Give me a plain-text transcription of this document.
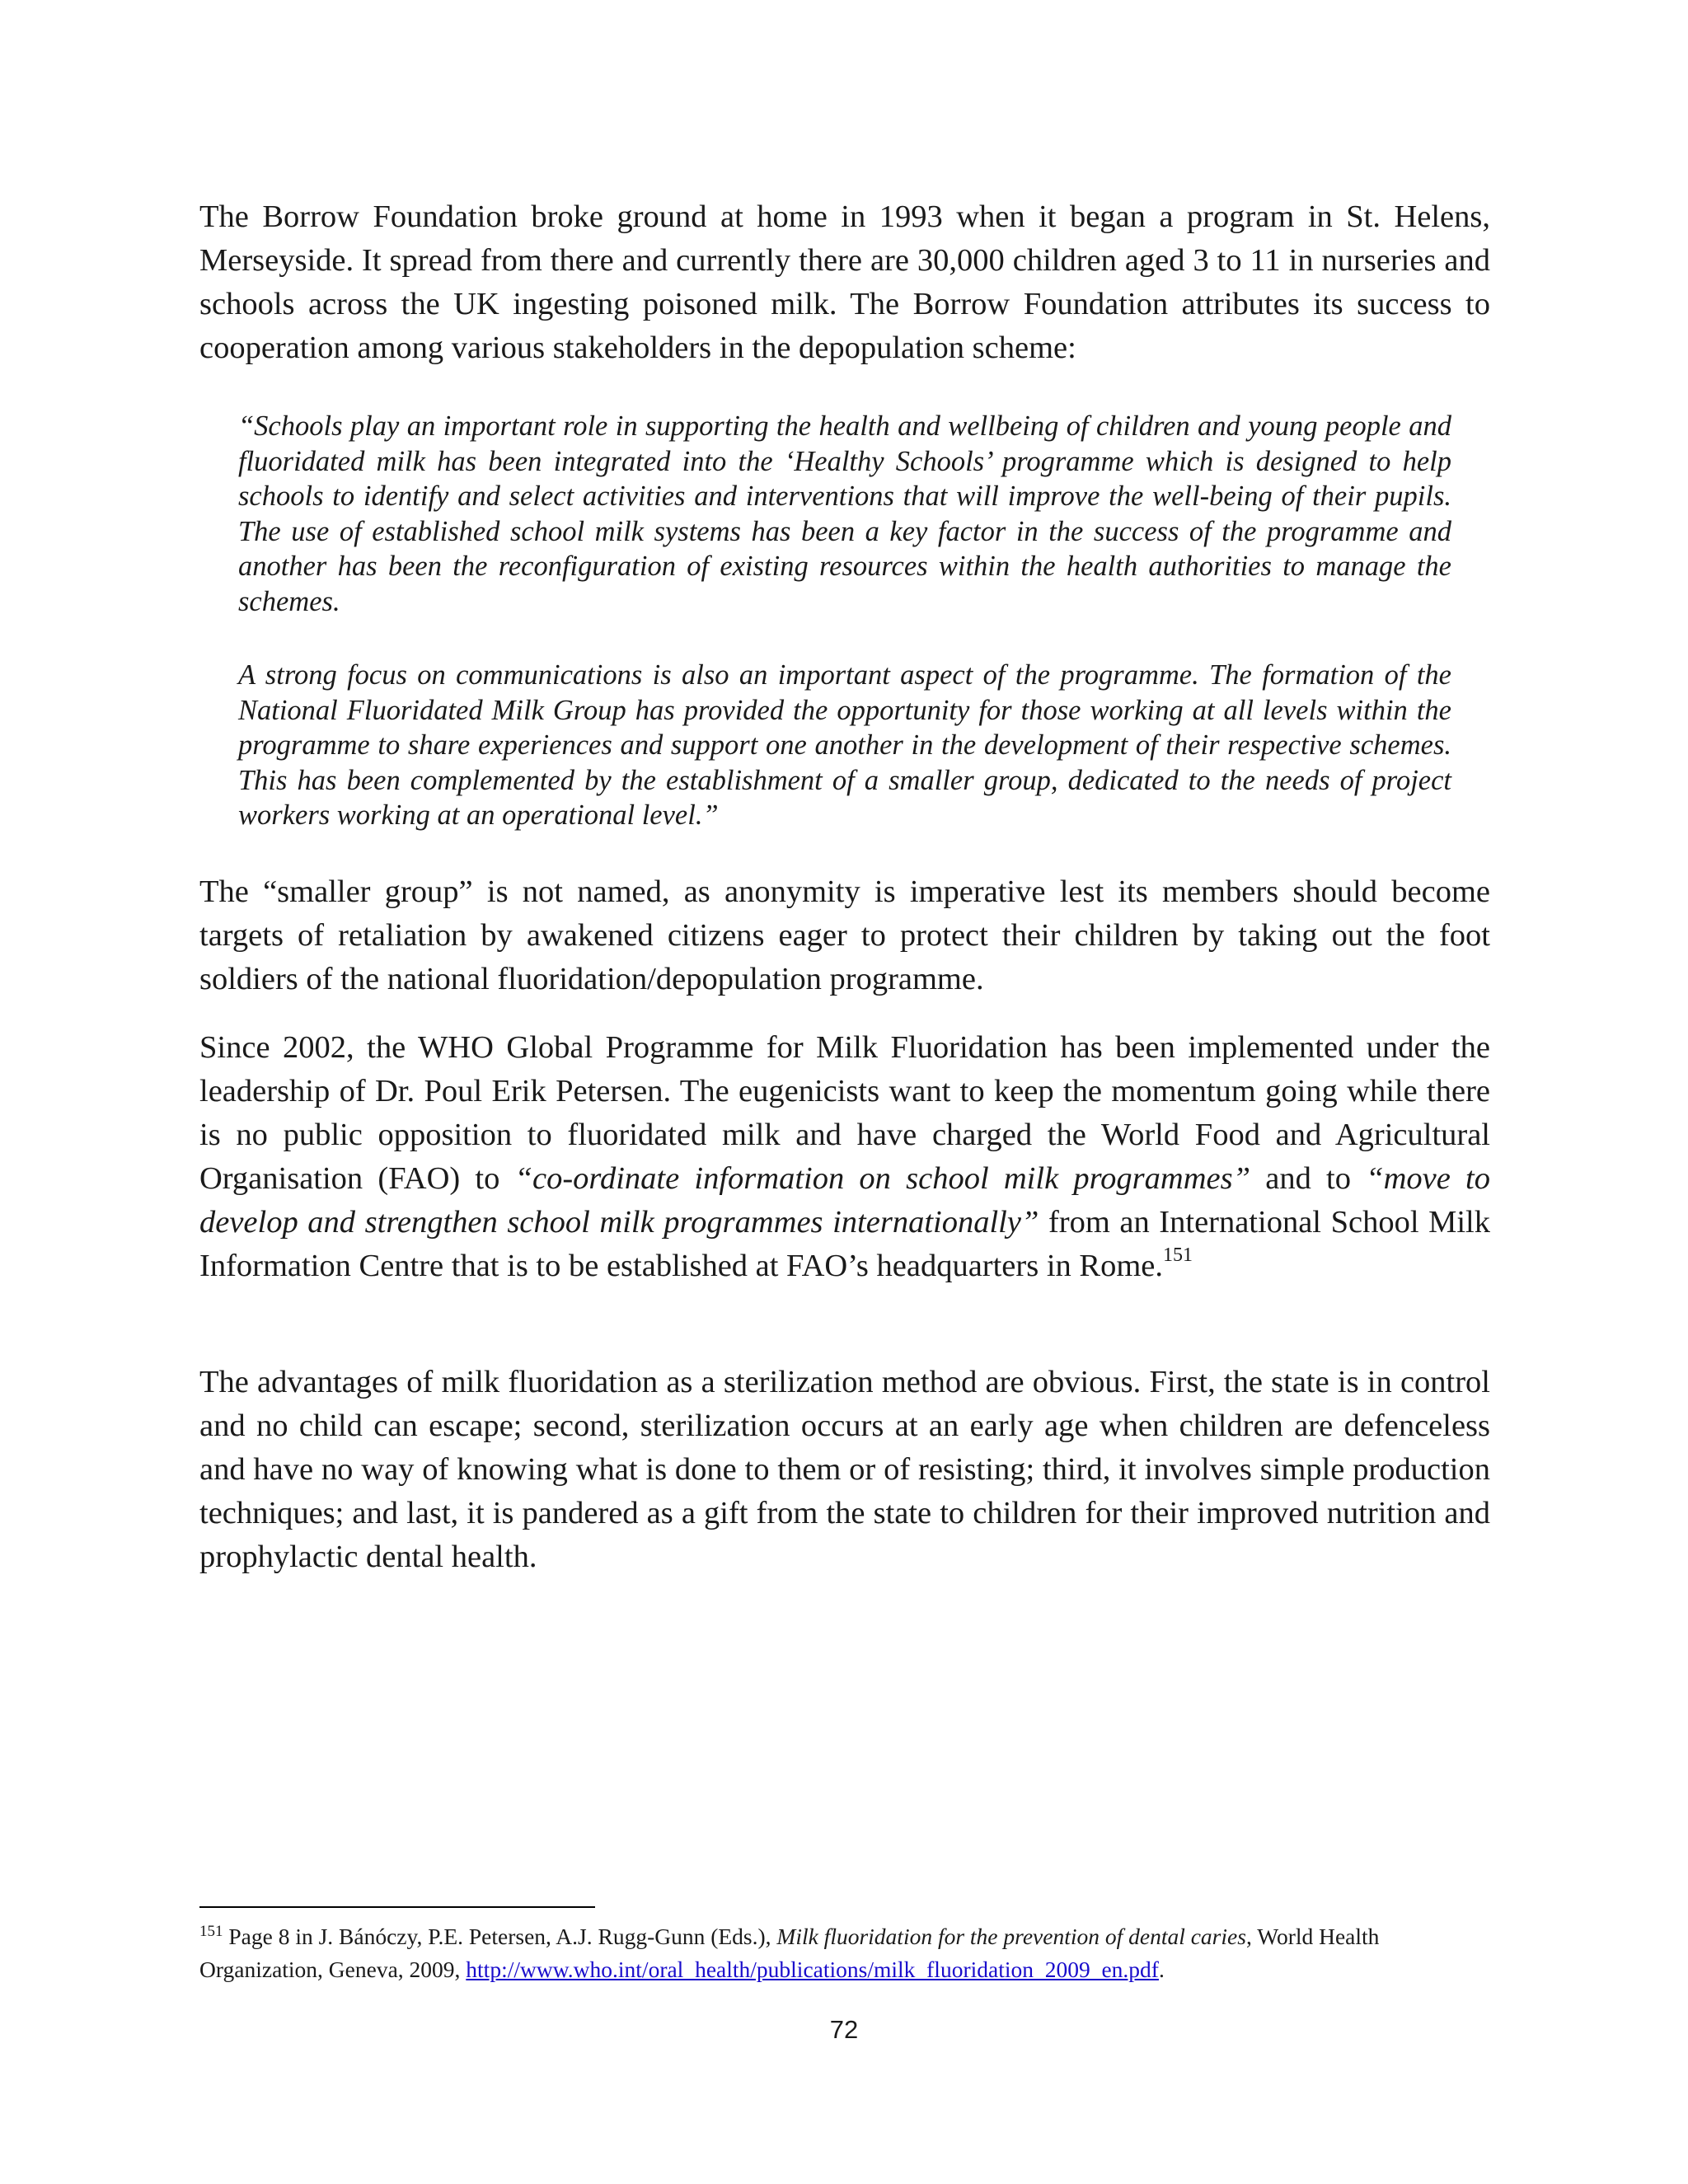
The Borrow Foundation broke ground at home in 1993 when it began a program in St. Helens, Merseyside. It spread from there and currently there are 30,000 children aged 3 to 11 in nurseries and schools across the UK ingesting poisoned milk. The Borrow Foundation attributes its success to cooperation among various stakeholders in the depopulation scheme:

“Schools play an important role in supporting the health and wellbeing of children and young people and fluoridated milk has been integrated into the ‘Healthy Schools’ programme which is designed to help schools to identify and select activities and interventions that will improve the well-being of their pupils. The use of established school milk systems has been a key factor in the success of the programme and another has been the reconfiguration of existing resources within the health authorities to manage the schemes.

A strong focus on communications is also an important aspect of the programme. The formation of the National Fluoridated Milk Group has provided the opportunity for those working at all levels within the programme to share experiences and support one another in the development of their respective schemes. This has been complemented by the establishment of a smaller group, dedicated to the needs of project workers working at an operational level.”

The “smaller group” is not named, as anonymity is imperative lest its members should become targets of retaliation by awakened citizens eager to protect their children by taking out the foot soldiers of the national fluoridation/depopulation programme.

Since 2002, the WHO Global Programme for Milk Fluoridation has been implemented under the leadership of Dr. Poul Erik Petersen. The eugenicists want to keep the momentum going while there is no public opposition to fluoridated milk and have charged the World Food and Agricultural Organisation (FAO) to “co-ordinate information on school milk programmes” and to “move to develop and strengthen school milk programmes internationally” from an International School Milk Information Centre that is to be established at FAO’s headquarters in Rome.$^{151}$

The advantages of milk fluoridation as a sterilization method are obvious. First, the state is in control and no child can escape; second, sterilization occurs at an early age when children are defenceless and have no way of knowing what is done to them or of resisting; third, it involves simple production techniques; and last, it is pandered as a gift from the state to children for their improved nutrition and prophylactic dental health.

$^{151}$ Page 8 in J. Bánóczy, P.E. Petersen, A.J. Rugg-Gunn (Eds.), Milk fluoridation for the prevention of dental caries, World Health Organization, Geneva, 2009, http://www.who.int/oral_health/publications/milk_fluoridation_2009_en.pdf.

72
